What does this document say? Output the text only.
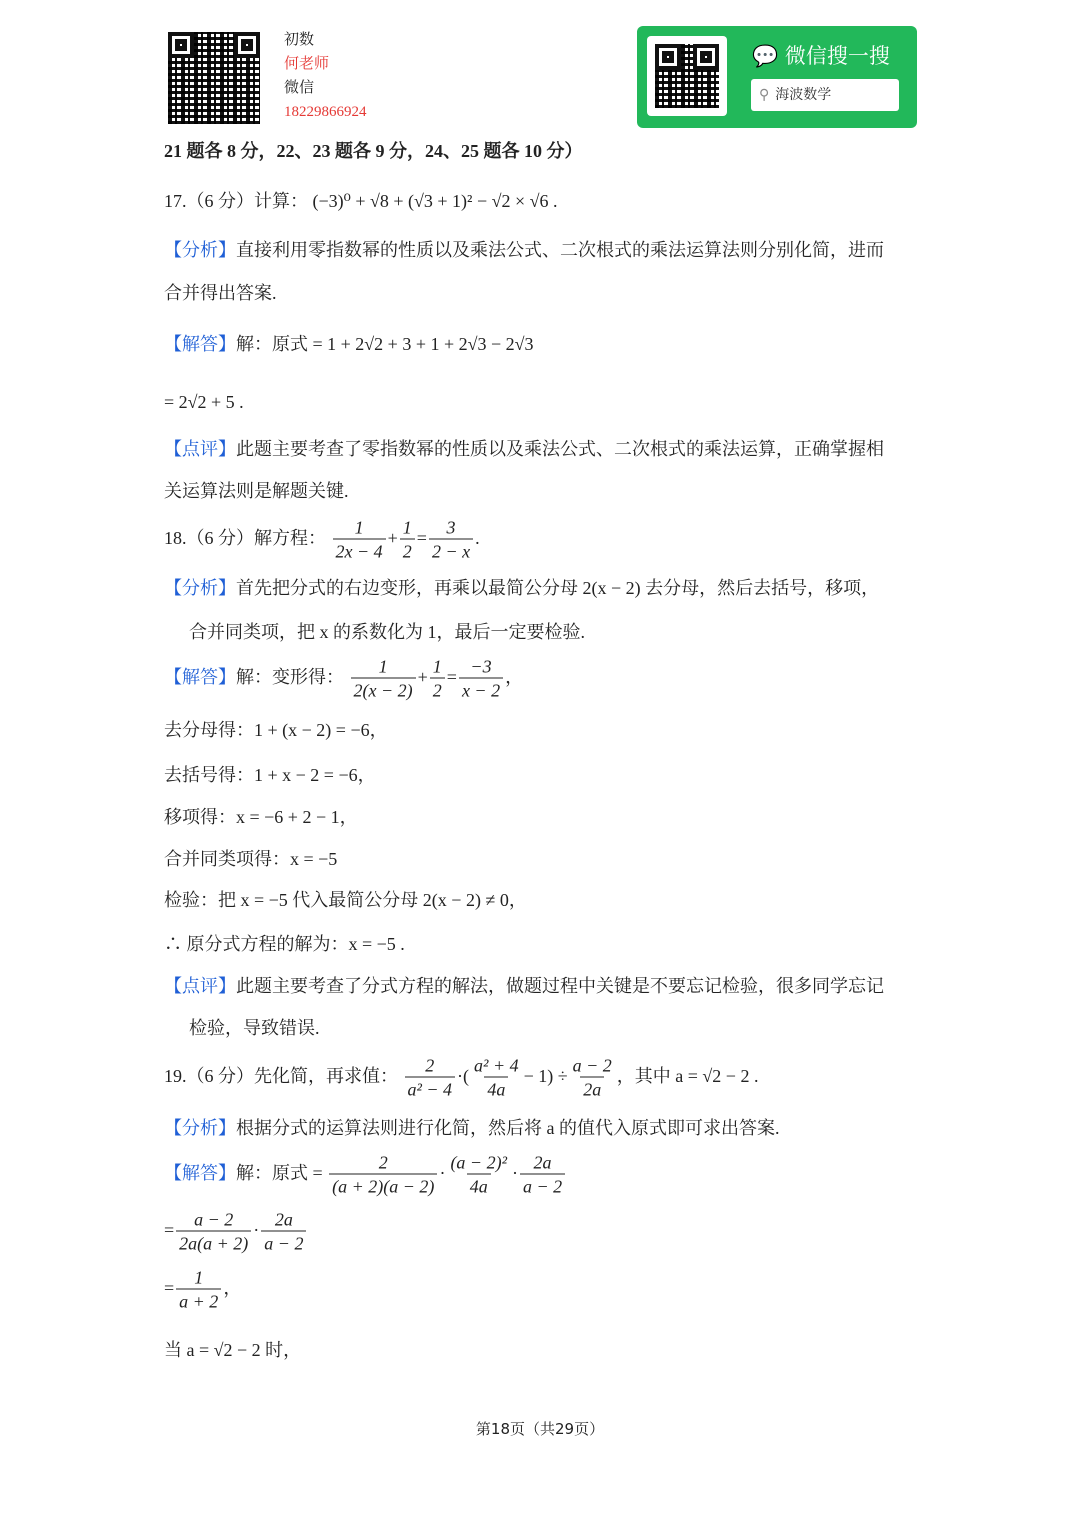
初数
何老师
微信
18229866924
💬 微信搜一搜
⚲ 海波数学
21 题各 8 分，22、23 题各 9 分，24、25 题各 10 分）
17.（6 分）计算： (−3)⁰ + √8 + (√3 + 1)² − √2 × √6 .
【分析】直接利用零指数幂的性质以及乘法公式、二次根式的乘法运算法则分别化简，进而
合并得出答案.
【解答】解：原式 = 1 + 2√2 + 3 + 1 + 2√3 − 2√3
= 2√2 + 5 .
【点评】此题主要考查了零指数幂的性质以及乘法公式、二次根式的乘法运算，正确掌握相
关运算法则是解题关键.
18.（6 分）解方程： $\frac{1}{2x - 4} + \frac{1}{2} = \frac{3}{2 - x}$ .
【分析】首先把分式的右边变形，再乘以最简公分母 2(x − 2) 去分母，然后去括号，移项，
合并同类项，把 x 的系数化为 1，最后一定要检验.
【解答】解：变形得： $\frac{1}{2(x - 2)} + \frac{1}{2} = \frac{-3}{x - 2}$ ，
去分母得：1 + (x − 2) = −6，
去括号得：1 + x − 2 = −6，
移项得：x = −6 + 2 − 1，
合并同类项得：x = −5
检验：把 x = −5 代入最简公分母 2(x − 2) ≠ 0，
∴ 原分式方程的解为：x = −5 .
【点评】此题主要考查了分式方程的解法，做题过程中关键是不要忘记检验，很多同学忘记
检验，导致错误.
19.（6 分）先化简，再求值： $\frac{2}{\text{a² − 4}}$ ·( $\frac{\text{a² + 4}}{4a} - 1) \div \frac{a - 2}{2a}$ ，其中 a = √2 − 2 .
【分析】根据分式的运算法则进行化简，然后将 a 的值代入原式即可求出答案.
【解答】解：原式 = $\frac{2}{(a + 2)(a - 2)} \cdot \frac{\text{(a − 2)²}}{4a} \cdot \frac{2a}{a - 2}$
= $\frac{a - 2}{2a(a + 2)} \cdot \frac{2a}{a - 2}$
= $\frac{1}{a + 2}$ ，
当 a = √2 − 2 时，
第18页（共29页）
